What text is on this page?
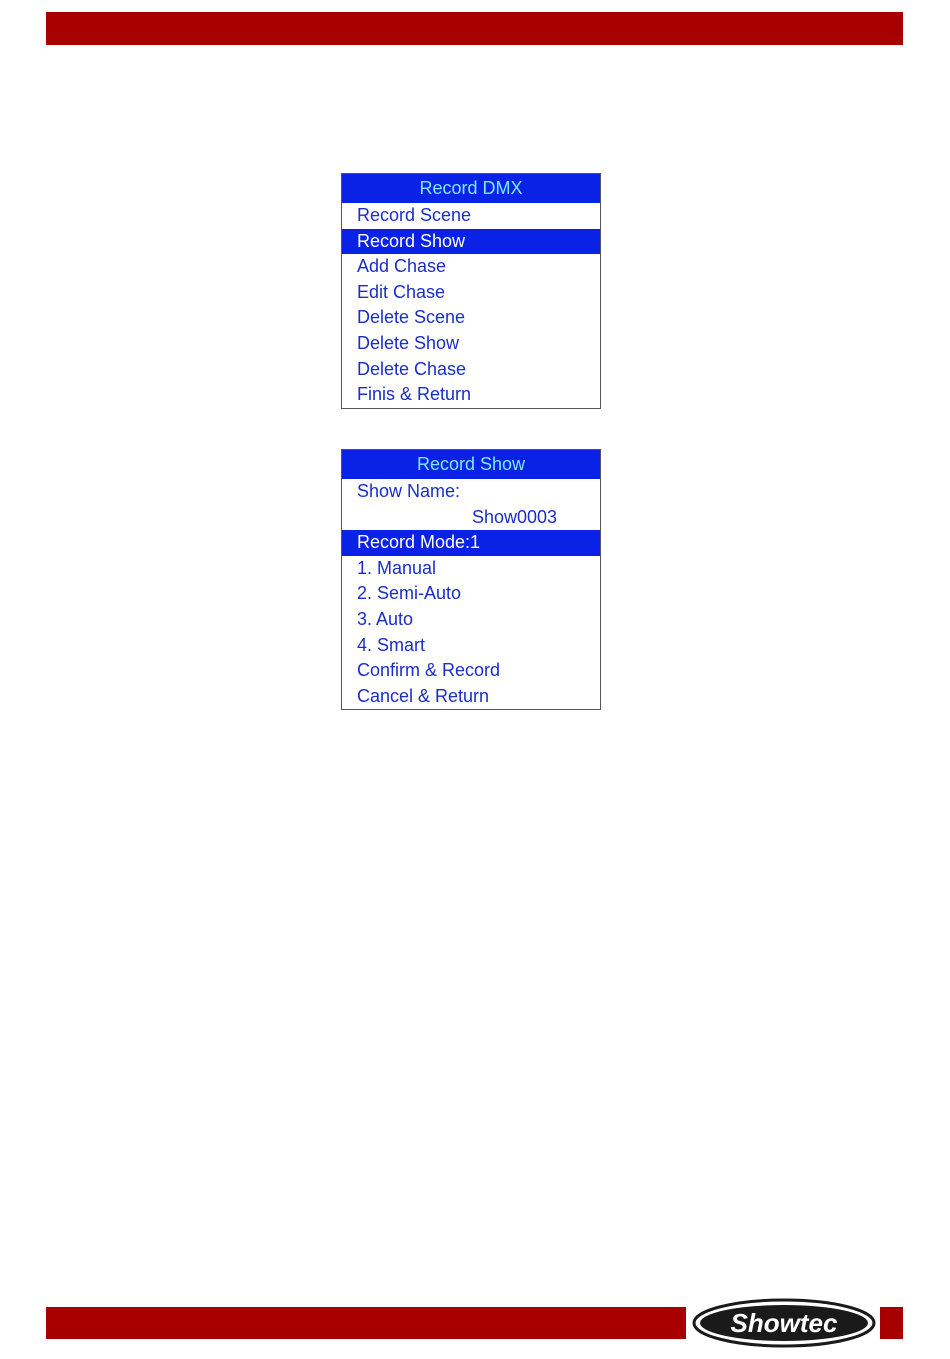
Record DMX
Record Scene
Record Show
Add Chase
Edit Chase
Delete Scene
Delete Show
Delete Chase
Finis & Return
Record Show
Show Name:
Show0003
Record Mode:1
1. Manual
2. Semi-Auto
3. Auto
4. Smart
Confirm & Record
Cancel & Return
Showtec
